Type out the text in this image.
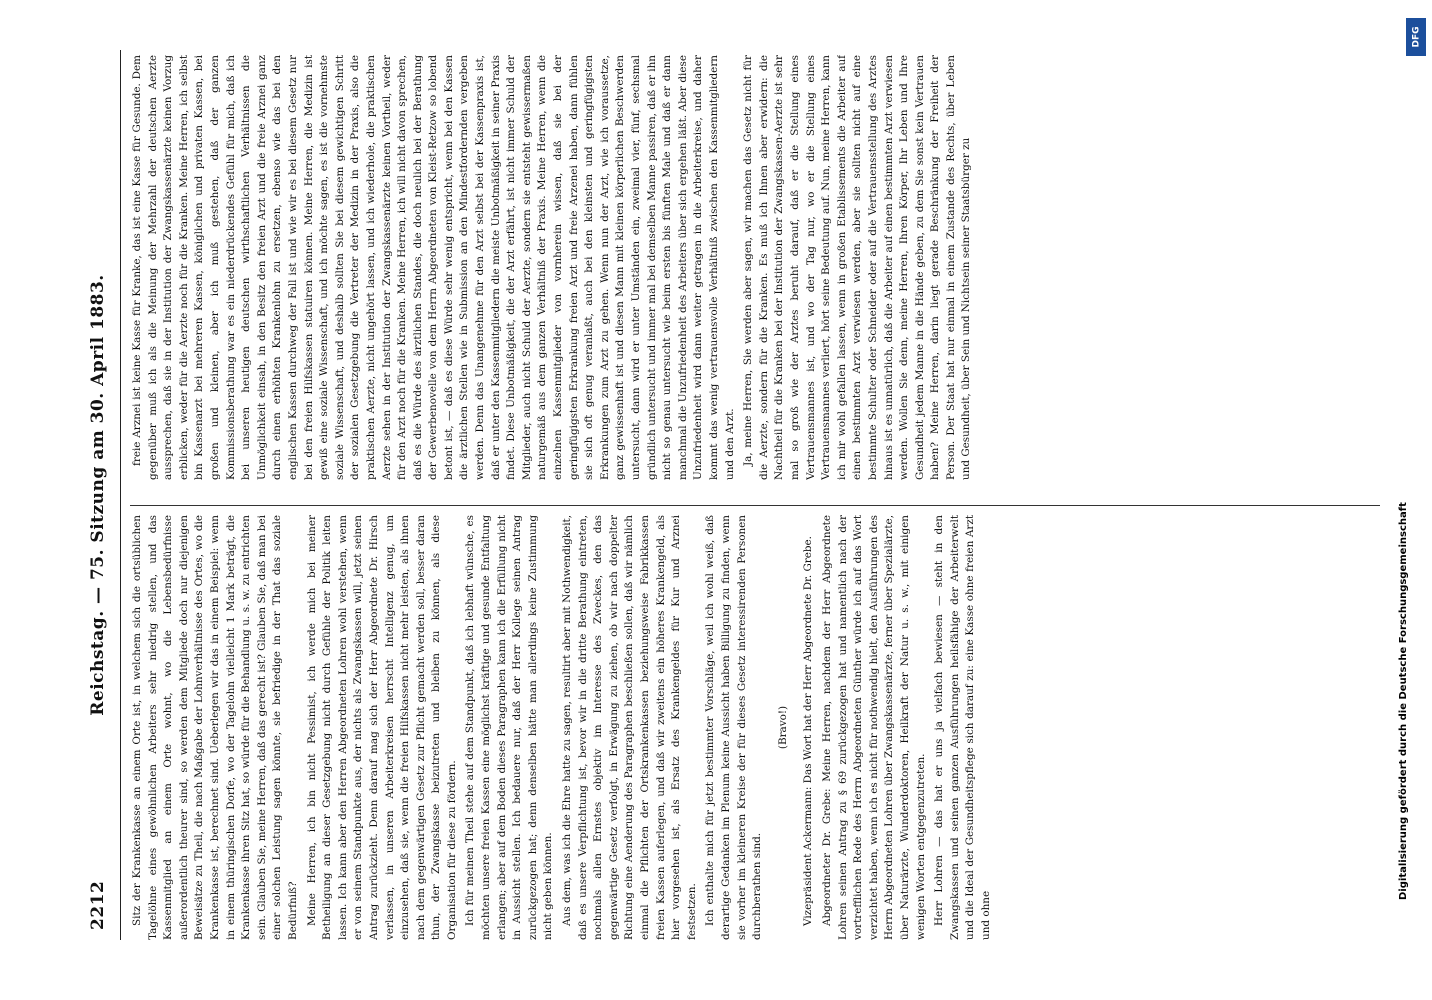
2212
Reichstag. — 75. Sitzung am 30. April 1883.

Sitz der Krankenkasse an einem Orte ist, in welchem sich die ortsüblichen Tagelöhne eines gewöhnlichen Arbeiters sehr niedrig stellen, und das Kassenmitglied an einem Orte wohnt, wo die Lebensbedürfnisse außerordentlich theurer sind, so werden dem Mitgliede doch nur diejenigen Beweisätze zu Theil, die nach Maßgabe der Lohnverhältnisse des Ortes, wo die Krankenkasse ist, berechnet sind. Ueberlegen wir das in einem Beispiel: wenn in einem thüringischen Dorfe, wo der Tagelohn vielleicht 1 Mark beträgt, die Krankenkasse ihren Sitz hat, so würde für die Behandlung u. s. w. zu entrichten sein. Glauben Sie, meine Herren, daß das gerecht ist? Glauben Sie, daß man bei einer solchen Leistung sagen könnte, sie befriedige in der That das soziale Bedürfniß? Meine Herren, ich bin nicht Pessimist, ich werde mich bei meiner Betheiligung an dieser Gesetzgebung nicht durch Gefühle der Politik leiten lassen. Ich kann aber den Herren Abgeordneten Lohren wohl verstehen, wenn er von seinem Standpunkte aus, der nichts als Zwangskassen will, jetzt seinen Antrag zurückzieht. Denn darauf mag sich der Herr Abgeordnete Dr. Hirsch verlassen, in unseren Arbeiterkreisen herrscht Intelligenz genug, um einzusehen, daß sie, wenn die freien Hilfskassen nicht mehr leisten, als ihnen nach dem gegenwärtigen Gesetz zur Pflicht gemacht werden soll, besser daran thun, der Zwangskasse beizutreten und bleiben zu können, als diese Organisation für diese zu fördern. Ich für meinen Theil stehe auf dem Standpunkt, daß ich lebhaft wünsche, es möchten unsere freien Kassen eine möglichst kräftige und gesunde Entfaltung erlangen; aber auf dem Boden dieses Paragraphen kann ich die Erfüllung nicht in Aussicht stellen. Ich bedauere nur, daß der Herr Kollege seinen Antrag zurückgezogen hat; denn denselben hätte man allerdings keine Zustimmung nicht geben können. Aus dem, was ich die Ehre hatte zu sagen, resultirt aber mit Nothwendigkeit, daß es unsere Verpflichtung ist, bevor wir in die dritte Berathung eintreten, nochmals allen Ernstes objektiv im Interesse des Zweckes, den das gegenwärtige Gesetz verfolgt, in Erwägung zu ziehen, ob wir nach doppelter Richtung eine Aenderung des Paragraphen beschließen sollen, daß wir nämlich einmal die Pflichten der Ortskrankenkassen beziehungsweise Fabrikkassen freien Kassen auferlegen, und daß wir zweitens ein höheres Krankengeld, als hier vorgesehen ist, als Ersatz des Krankengeldes für Kur und Arznei festsetzen. Ich enthalte mich für jetzt bestimmter Vorschläge, weil ich wohl weiß, daß derartige Gedanken im Plenum keine Aussicht haben Billigung zu finden, wenn sie vorher im kleineren Kreise der für dieses Gesetz interessirenden Personen durchberathen sind.

(Bravo!) Vizepräsident Ackermann: Das Wort hat der Herr Abgeordnete Dr. Grebe. Abgeordneter Dr. Grebe: Meine Herren, nachdem der Herr Abgeordnete Lohren seinen Antrag zu § 69 zurückgezogen hat und namentlich nach der vortrefflichen Rede des Herrn Abgeordneten Günther würde ich auf das Wort verzichtet haben, wenn ich es nicht für nothwendig hielt, den Ausführungen des Herrn Abgeordneten Lohren über Zwangskassenärzte, ferner über Spezialärzte, über Naturärzte, Wunderdoktoren, Heilkraft der Natur u. s. w., mit einigen wenigen Worten entgegenzutreten. Herr Lohren — das hat er uns ja vielfach bewiesen — steht in den Zwangskassen und seinen ganzen Ausführungen heilsfähige der Arbeiterwelt und die Ideal der Gesundheitspflege sich darauf zu: eine Kasse ohne freien Arzt und ohne

freie Arznei ist keine Kasse für Kranke, das ist eine Kasse für Gesunde. Dem gegenüber muß ich als die Meinung der Mehrzahl der deutschen Aerzte aussprechen, daß sie in der Institution der Zwangskassenärzte keinen Vorzug erblicken, weder für die Aerzte noch für die Kranken. Meine Herren, ich selbst bin Kassenarzt bei mehreren Kassen, königlichen und privaten Kassen, bei großen und kleinen, aber ich muß gestehen, daß der ganzen Kommissionsberathung war es ein niederdrückendes Gefühl für mich, daß ich bei unseren heutigen deutschen wirthschaftlichen Verhältnissen die Unmöglichkeit einsah, in den Besitz den freien Arzt und die freie Arznei ganz durch einen erhöhten Krankenlohn zu ersetzen, ebenso wie das bei den englischen Kassen durchweg der Fall ist und wie wir es bei diesem Gesetz nur bei den freien Hilfskassen statuiren können. Meine Herren, die Medizin ist gewiß eine soziale Wissenschaft, und ich möchte sagen, es ist die vornehmste soziale Wissenschaft, und deshalb sollten Sie bei diesem gewichtigen Schritt der sozialen Gesetzgebung die Vertreter der Medizin in der Praxis, also die praktischen Aerzte, nicht ungehört lassen, und ich wiederhole, die praktischen Aerzte sehen in der Institution der Zwangskassenärzte keinen Vortheil, weder für den Arzt noch für die Kranken. Meine Herren, ich will nicht davon sprechen, daß es die Würde des ärztlichen Standes, die doch neulich bei der Berathung der Gewerbenovelle von dem Herrn Abgeordneten von Kleist-Retzow so lobend betont ist, — daß es diese Würde sehr wenig entspricht, wenn bei den Kassen die ärztlichen Stellen wie in Submission an den Mindestfordernden vergeben werden. Denn das Unangenehme für den Arzt selbst bei der Kassenpraxis ist, daß er unter den Kassenmitgliedern die meiste Unbotmäßigkeit in seiner Praxis findet. Diese Unbotmäßigkeit, die der Arzt erfährt, ist nicht immer Schuld der Mitglieder, auch nicht Schuld der Aerzte, sondern sie entsteht gewissermaßen naturgemäß aus dem ganzen Verhältniß der Praxis. Meine Herren, wenn die einzelnen Kassenmitglieder von vornherein wissen, daß sie bei der geringfügigsten Erkrankung freien Arzt und freie Arzenei haben, dann fühlen sie sich oft genug veranlaßt, auch bei den kleinsten und geringfügigsten Erkrankungen zum Arzt zu gehen. Wenn nun der Arzt, wie ich voraussetze, ganz gewissenhaft ist und diesen Mann mit kleinen körperlichen Beschwerden untersucht, dann wird er unter Umständen ein, zweimal vier, fünf, sechsmal gründlich untersucht und immer mal bei demselben Manne passiren, daß er ihn nicht so genau untersucht wie beim ersten bis fünften Male und daß er dann manchmal die Unzufriedenheit des Arbeiters über sich ergehen läßt. Aber diese Unzufriedenheit wird dann weiter getragen in die Arbeiterkreise, und daher kommt das wenig vertrauensvolle Verhältniß zwischen den Kassenmitgliedern und den Arzt. Ja, meine Herren, Sie werden aber sagen, wir machen das Gesetz nicht für die Aerzte, sondern für die Kranken. Es muß ich Ihnen aber erwidern: die Nachtheil für die Kranken bei der Institution der Zwangskassen-Aerzte ist sehr mal so groß wie der Arztes beruht darauf, daß er die Stellung eines Vertrauensmannes ist, und wo der Tag nur, wo er die Stellung eines Vertrauensmannes verliert, hört seine Bedeutung auf. Nun, meine Herren, kann ich mir wohl gefallen lassen, wenn in großen Etablissements die Arbeiter auf einen bestimmten Arzt verwiesen werden, aber sie sollten nicht auf eine bestimmte Schulter oder Schneider oder auf die Vertrauensstellung des Arztes hinaus ist es unnatürlich, daß die Arbeiter auf einen bestimmten Arzt verwiesen werden. Wollen Sie denn, meine Herren, Ihren Körper, Ihr Leben und Ihre Gesundheit jedem Manne in die Hände geben, zu dem Sie sonst kein Vertrauen haben? Meine Herren, darin liegt gerade Beschränkung der Freiheit der Person. Der Staat hat nur einmal in einem Zustande des Rechts, über Leben und Gesundheit, über Sein und Nichtsein seiner Staatsbürger zu

DFG
Digitalisierung gefördert durch die Deutsche Forschungsgemeinschaft
